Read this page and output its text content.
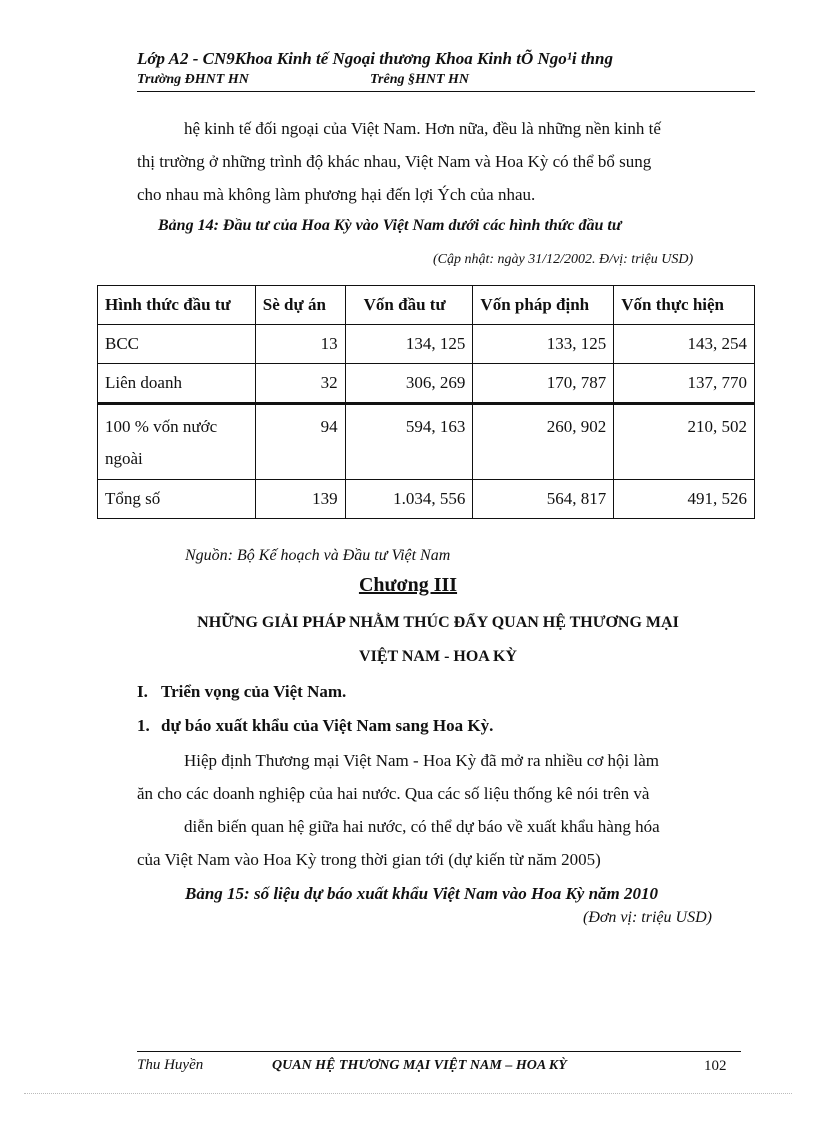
Lớp A2 - CN9Khoa Kinh tế Ngoại thương Khoa Kinh tÕ Ngo¹i thng
Trường ĐHNT HN	Trêng §HNT HN
hệ kinh tế đối ngoại của Việt Nam. Hơn nữa, đều là những nền kinh tế
thị trường ở những trình độ khác nhau, Việt Nam và Hoa Kỳ có thể bổ sung
cho nhau mà không làm phương hại đến lợi Ých của nhau.
Bảng 14: Đầu tư của Hoa Kỳ vào Việt Nam dưới các hình thức đầu tư
(Cập nhật: ngày 31/12/2002. Đ/vị: triệu USD)
Hình thức đầu tư	Sè dự án	Vốn đầu tư	Vốn pháp định	Vốn thực hiện
BCC	13	134, 125	133, 125	143, 254
Liên doanh	32	306, 269	170, 787	137, 770
100 % vốn nước
ngoài	94	594, 163	260, 902	210, 502
Tổng số	139	1.034, 556	564, 817	491, 526
Nguồn: Bộ Kế hoạch và Đầu tư Việt Nam
Chương III
NHỮNG GIẢI PHÁP NHẰM THÚC ĐẨY QUAN HỆ THƯƠNG MẠI
VIỆT NAM - HOA KỲ
I. Triển vọng của Việt Nam.
1. dự báo xuất khẩu của Việt Nam sang Hoa Kỳ.
Hiệp định Thương mại Việt Nam - Hoa Kỳ đã mở ra nhiều cơ hội làm
ăn cho các doanh nghiệp của hai nước. Qua các số liệu thống kê nói trên và
diễn biến quan hệ giữa hai nước, có thể dự báo về xuất khẩu hàng hóa
của Việt Nam vào Hoa Kỳ trong thời gian tới (dự kiến từ năm 2005)
Bảng 15: số liệu dự báo xuất khẩu Việt Nam vào Hoa Kỳ năm 2010
(Đơn vị: triệu USD)
Thu Huyền	QUAN HỆ THƯƠNG MẠI VIỆT NAM – HOA KỲ	102
